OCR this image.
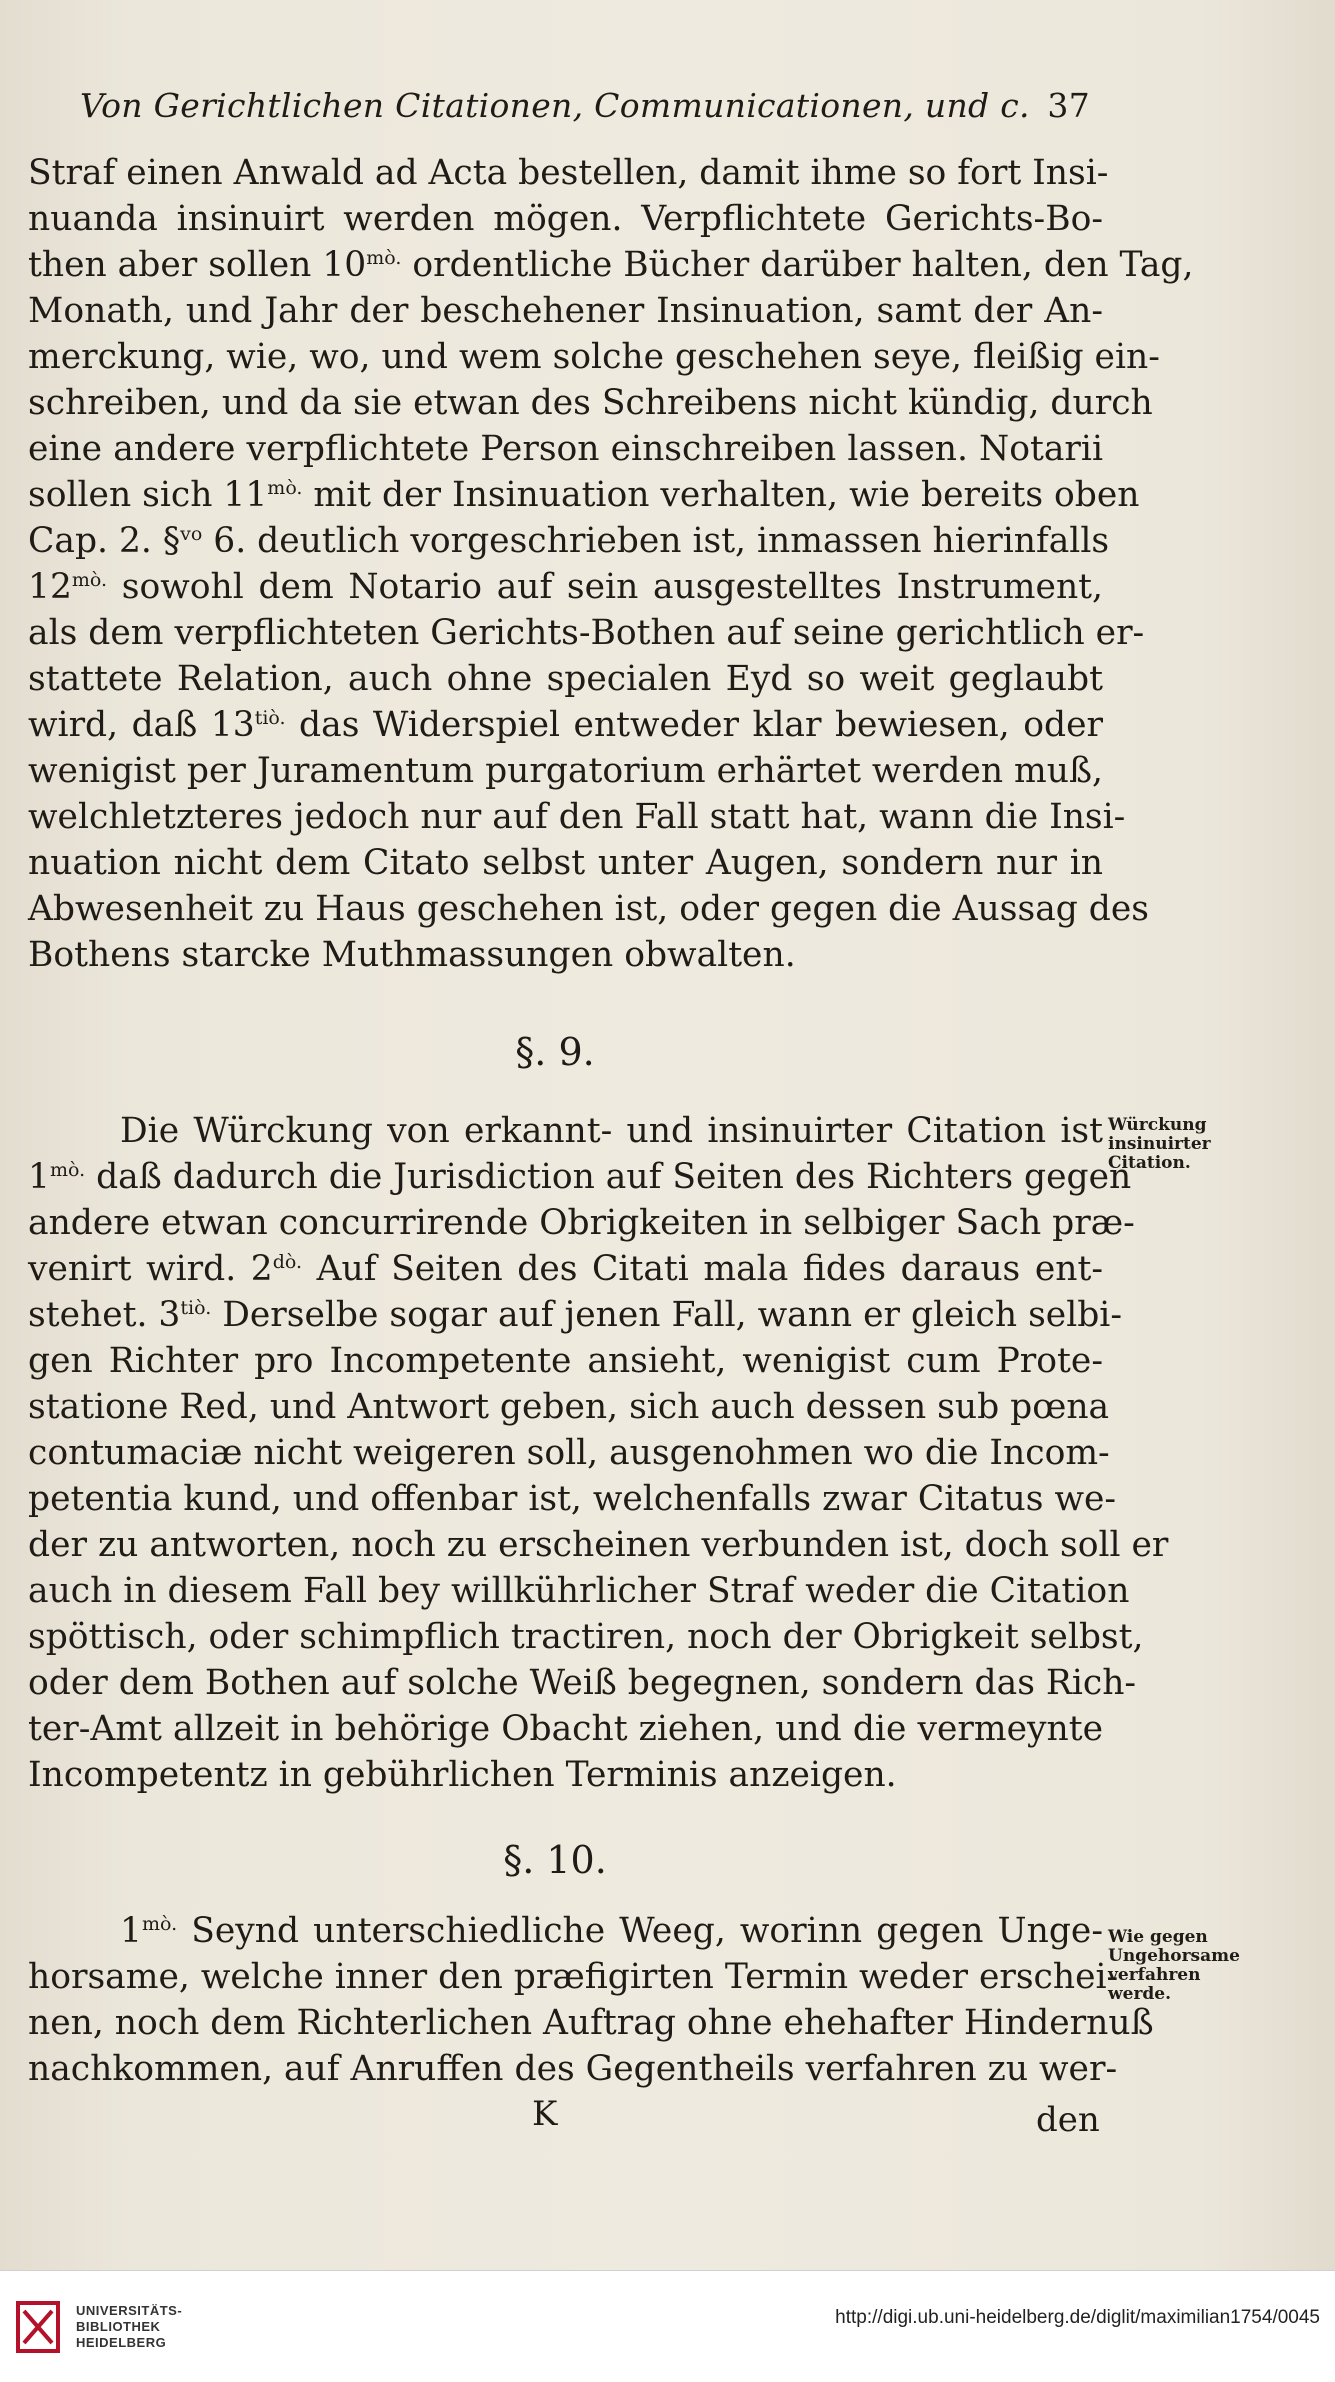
Von Gerichtlichen Citationen, Communicationen, und c. 37
Straf einen Anwald ad Acta bestellen, damit ihme so fort Insi-
nuanda insinuirt werden mögen. Verpflichtete Gerichts-Bo-
then aber sollen $10^{mò.}$ ordentliche Bücher darüber halten, den Tag,
Monath, und Jahr der beschehener Insinuation, samt der An-
merckung, wie, wo, und wem solche geschehen seye, fleißig ein-
schreiben, und da sie etwan des Schreibens nicht kündig, durch
eine andere verpflichtete Person einschreiben lassen. Notarii
sollen sich $11^{mò.}$ mit der Insinuation verhalten, wie bereits oben
Cap. 2. §$^{vo}$ 6. deutlich vorgeschrieben ist, inmassen hierinfalls
$12^{mò.}$ sowohl dem Notario auf sein ausgestelltes Instrument,
als dem verpflichteten Gerichts-Bothen auf seine gerichtlich er-
stattete Relation, auch ohne specialen Eyd so weit geglaubt
wird, daß $13^{tiò.}$ das Widerspiel entweder klar bewiesen, oder
wenigist per Juramentum purgatorium erhärtet werden muß,
welchletzteres jedoch nur auf den Fall statt hat, wann die Insi-
nuation nicht dem Citato selbst unter Augen, sondern nur in
Abwesenheit zu Haus geschehen ist, oder gegen die Aussag des
Bothens starcke Muthmassungen obwalten.
§. 9.
Die Würckung von erkannt- und insinuirter Citation ist
$1^{mò.}$ daß dadurch die Jurisdiction auf Seiten des Richters gegen
andere etwan concurrirende Obrigkeiten in selbiger Sach præ-
venirt wird. $2^{dò.}$ Auf Seiten des Citati mala fides daraus ent-
stehet. $3^{tiò.}$ Derselbe sogar auf jenen Fall, wann er gleich selbi-
gen Richter pro Incompetente ansieht, wenigist cum Prote-
statione Red, und Antwort geben, sich auch dessen sub pœna
contumaciæ nicht weigeren soll, ausgenohmen wo die Incom-
petentia kund, und offenbar ist, welchenfalls zwar Citatus we-
der zu antworten, noch zu erscheinen verbunden ist, doch soll er
auch in diesem Fall bey willkührlicher Straf weder die Citation
spöttisch, oder schimpflich tractiren, noch der Obrigkeit selbst,
oder dem Bothen auf solche Weiß begegnen, sondern das Rich-
ter-Amt allzeit in behörige Obacht ziehen, und die vermeynte
Incompetentz in gebührlichen Terminis anzeigen.
Würckung
insinuirter
Citation.
§. 10.
$1^{mò.}$ Seynd unterschiedliche Weeg, worinn gegen Unge-
horsame, welche inner den præfigirten Termin weder erschei-
nen, noch dem Richterlichen Auftrag ohne ehehafter Hindernuß
nachkommen, auf Anruffen des Gegentheils verfahren zu wer-
Wie gegen
Ungehorsame
verfahren
werde.
K	den
UNIVERSITÄTS-
BIBLIOTHEK
HEIDELBERG
http://digi.ub.uni-heidelberg.de/diglit/maximilian1754/0045
